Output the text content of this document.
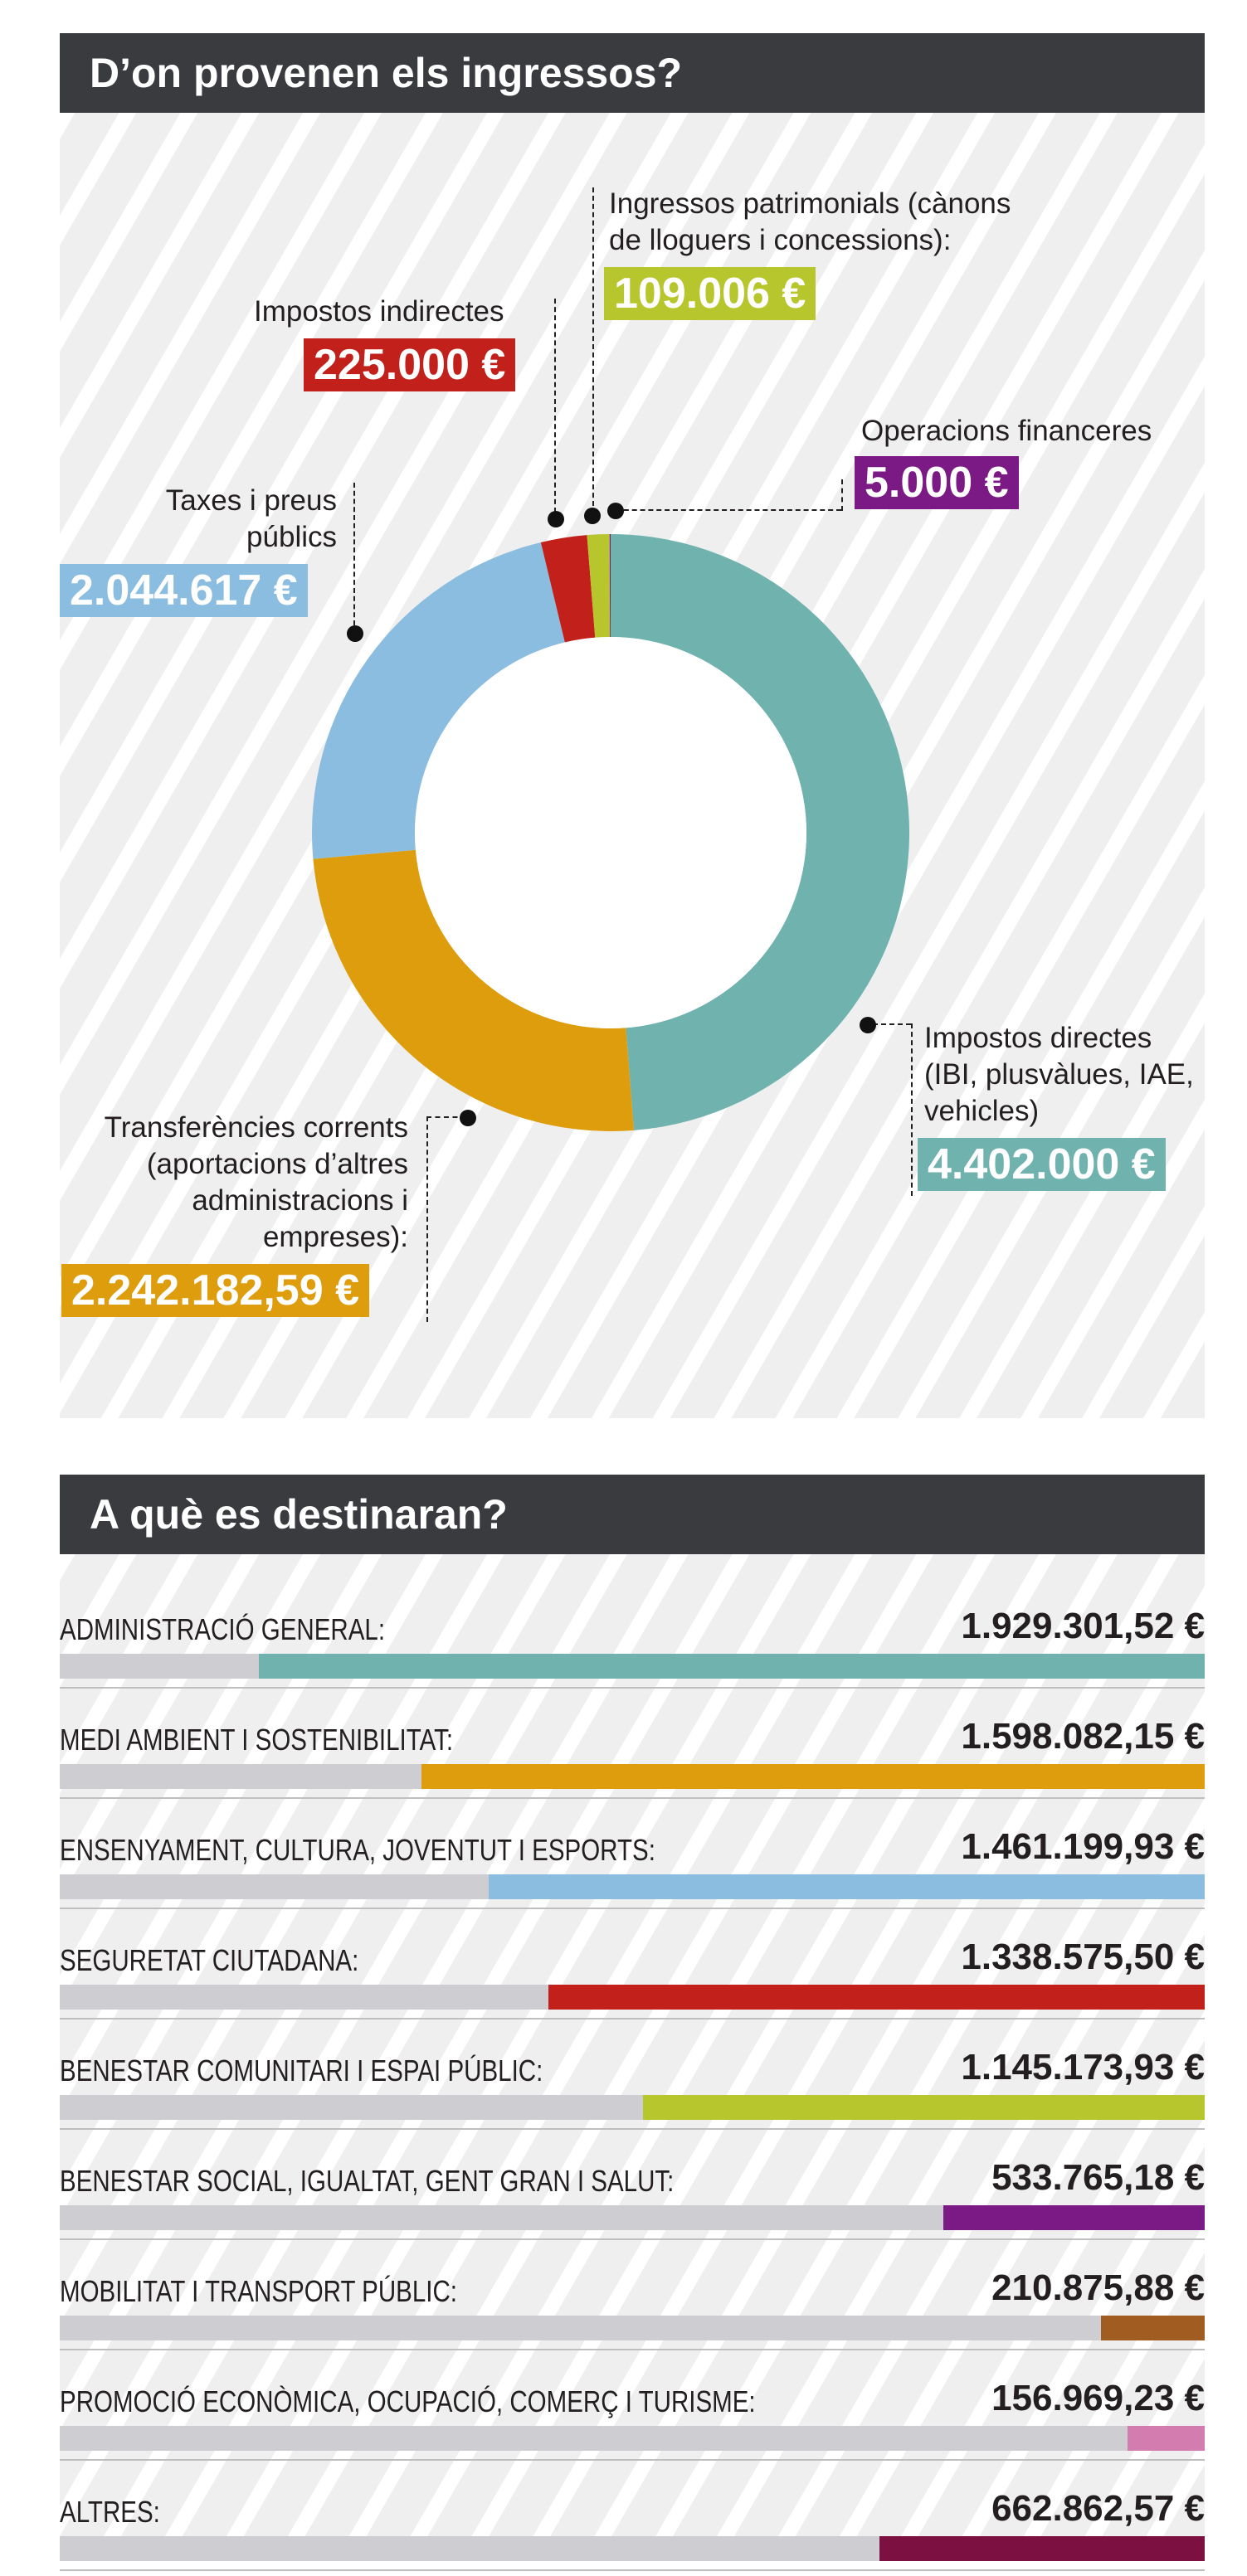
D’on provenen els ingressos?
Ingressos patrimonials (cànons
de lloguers i concessions):
109.006 €
Impostos indirectes
225.000 €
Operacions financeres
5.000 €
Taxes i preus
públics
2.044.617 €
Impostos directes
(IBI, plusvàlues, IAE,
vehicles)
4.402.000 €
Transferències corrents
(aportacions d’altres
administracions i
empreses):
2.242.182,59 €
A què es destinaran?
ADMINISTRACIÓ GENERAL:	1.929.301,52 €
MEDI AMBIENT I SOSTENIBILITAT:	1.598.082,15 €
ENSENYAMENT, CULTURA, JOVENTUT I ESPORTS:	1.461.199,93 €
SEGURETAT CIUTADANA:	1.338.575,50 €
BENESTAR COMUNITARI I ESPAI PÚBLIC:	1.145.173,93 €
BENESTAR SOCIAL, IGUALTAT, GENT GRAN I SALUT:	533.765,18 €
MOBILITAT I TRANSPORT PÚBLIC:	210.875,88 €
PROMOCIÓ ECONÒMICA, OCUPACIÓ, COMERÇ I TURISME:	156.969,23 €
ALTRES:	662.862,57 €
